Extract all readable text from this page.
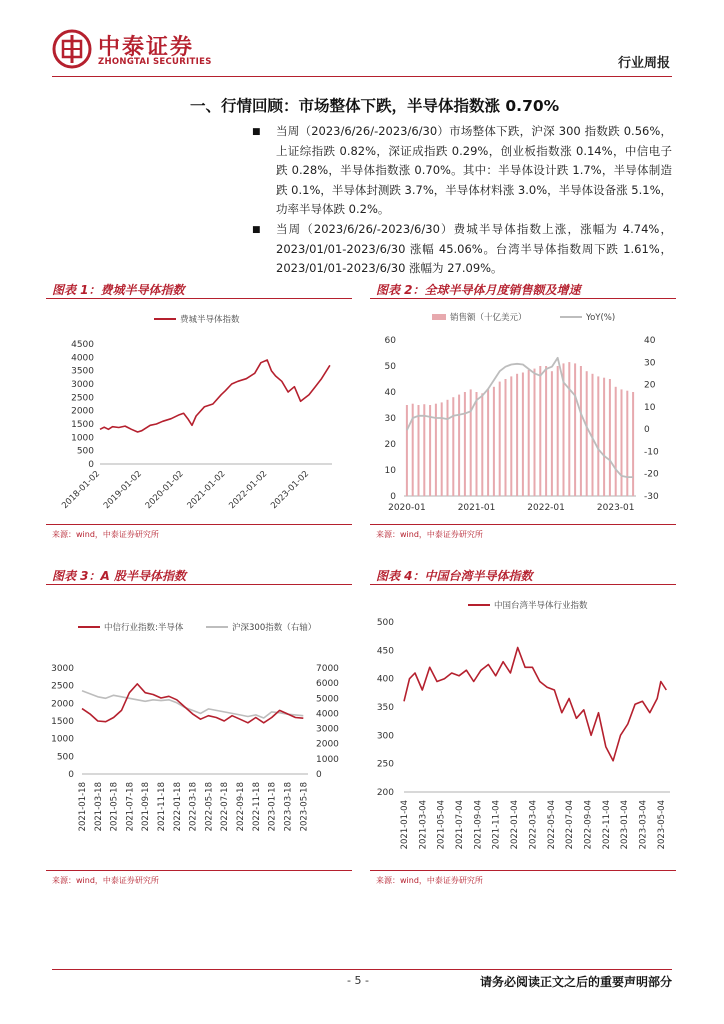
中泰证券
ZHONGTAI SECURITIES	行业周报
一、行情回顾：市场整体下跌，半导体指数涨 0.70%
■ 当周（2023/6/26/-2023/6/30）市场整体下跌，沪深 300 指数跌 0.56%，上证综指跌 0.82%，深证成指跌 0.29%，创业板指数涨 0.14%，中信电子跌 0.28%，半导体指数涨 0.70%。其中：半导体设计跌 1.7%，半导体制造跌 0.1%，半导体封测跌 3.7%，半导体材料涨 3.0%，半导体设备涨 5.1%，功率半导体跌 0.2%。
■ 当周（2023/6/26/-2023/6/30）费城半导体指数上涨，涨幅为 4.74%，2023/01/01-2023/6/30 涨幅 45.06%。台湾半导体指数周下跌 1.61%，2023/01/01-2023/6/30 涨幅为 27.09%。
图表 1：费城半导体指数
费城半导体指数
0
500
1000
1500
2000
2500
3000
3500
4000
4500
2018-01-02 2019-01-02 2020-01-02 2021-01-02 2022-01-02 2023-01-02
来源：wind，中泰证券研究所
图表 2：全球半导体月度销售额及增速
销售额（十亿美元）	YoY(%)
0
10
20
30
40
50
60
-30
-20
-10
0
10
20
30
40
2020-01	2021-01	2022-01	2023-01
来源：wind，中泰证券研究所
图表 3：A 股半导体指数
中信行业指数:半导体	沪深300指数（右轴）
0
500
1000
1500
2000
2500
3000
0
1000
2000
3000
4000
5000
6000
7000
2021-01-18 2021-03-18 2021-05-18 2021-07-18 2021-09-18 2021-11-18 2022-01-18 2022-03-18 2022-05-18 2022-07-18 2022-09-18 2022-11-18 2023-01-18 2023-03-18 2023-05-18
来源：wind，中泰证券研究所
图表 4：中国台湾半导体指数
中国台湾半导体行业指数
200
250
300
350
400
450
500
2021-01-04 2021-03-04 2021-05-04 2021-07-04 2021-09-04 2021-11-04 2022-01-04 2022-03-04 2022-05-04 2022-07-04 2022-09-04 2022-11-04 2023-01-04 2023-03-04 2023-05-04
来源：wind，中泰证券研究所
- 5 -	请务必阅读正文之后的重要声明部分
